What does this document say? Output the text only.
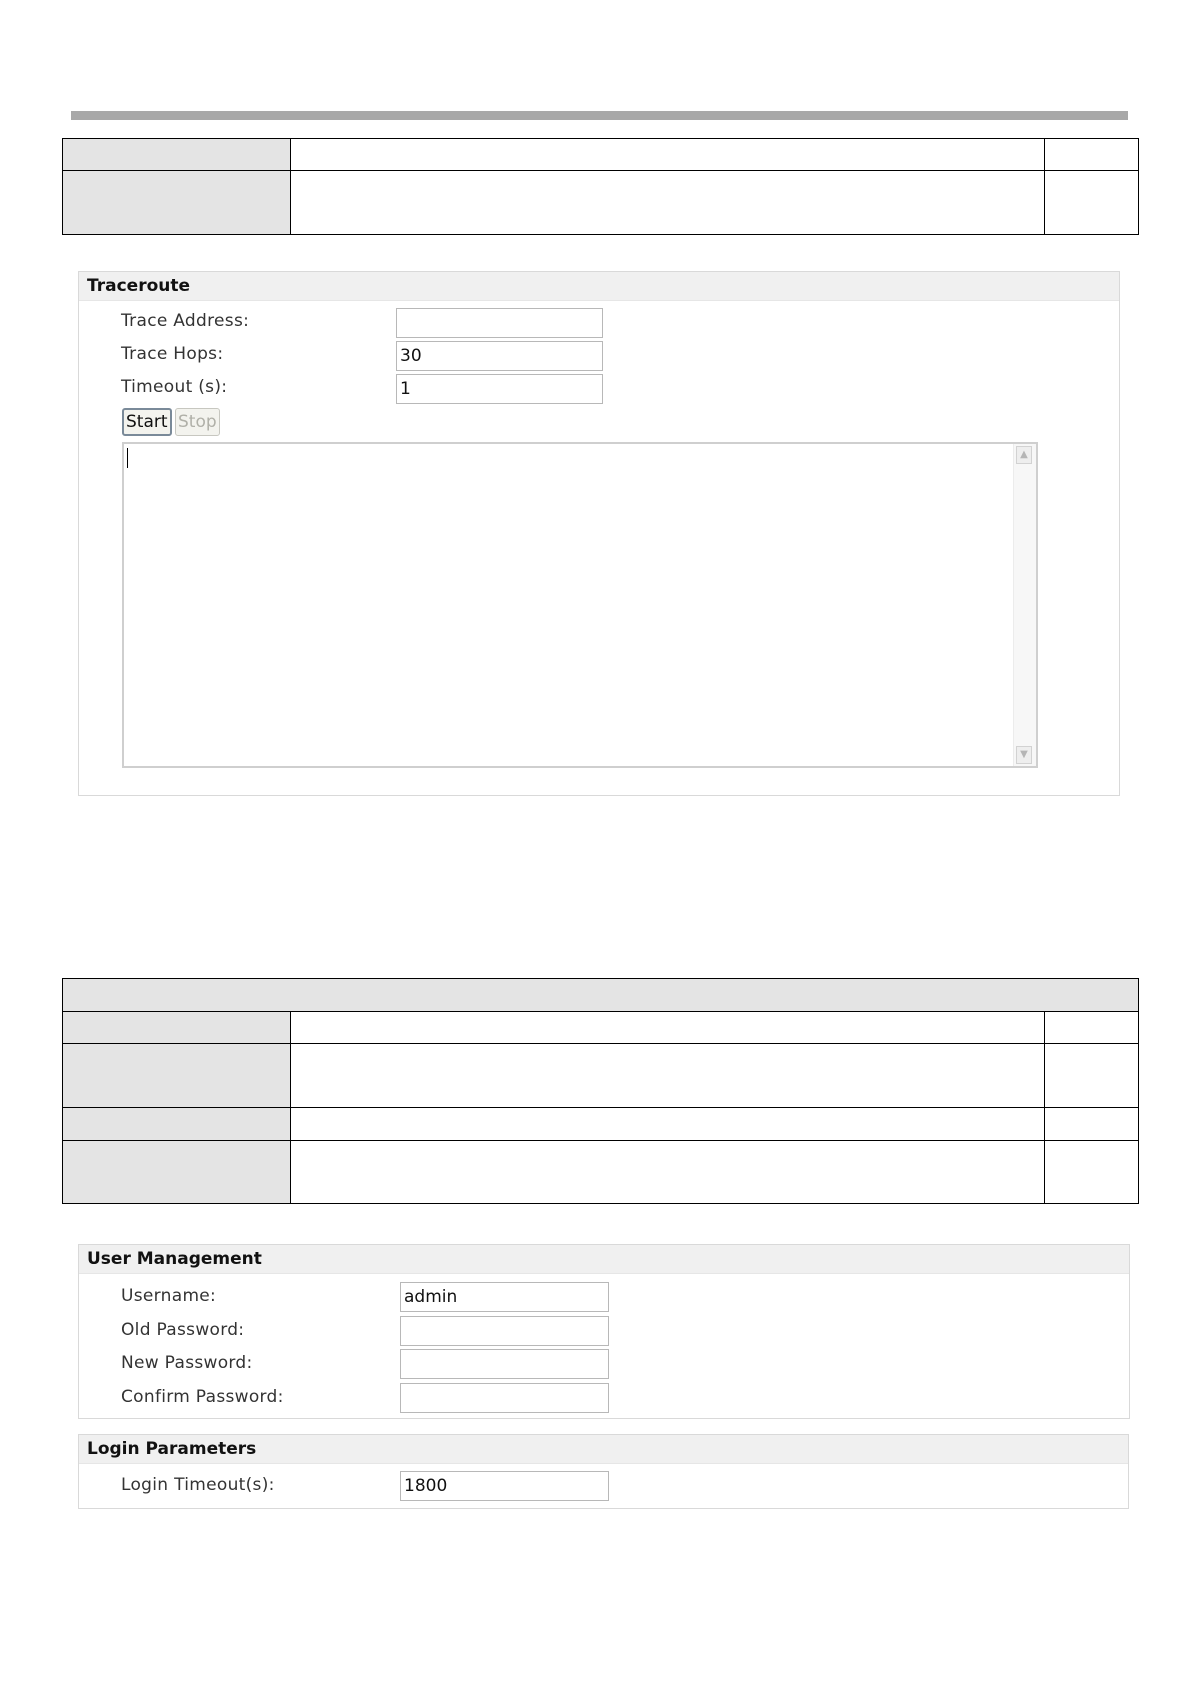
Traceroute
Trace Address:
Trace Hops:
30
Timeout (s):
1
Start Stop
▲
▼

User Management
Username:
admin
Old Password:
New Password:
Confirm Password:
Login Parameters
Login Timeout(s):
1800
